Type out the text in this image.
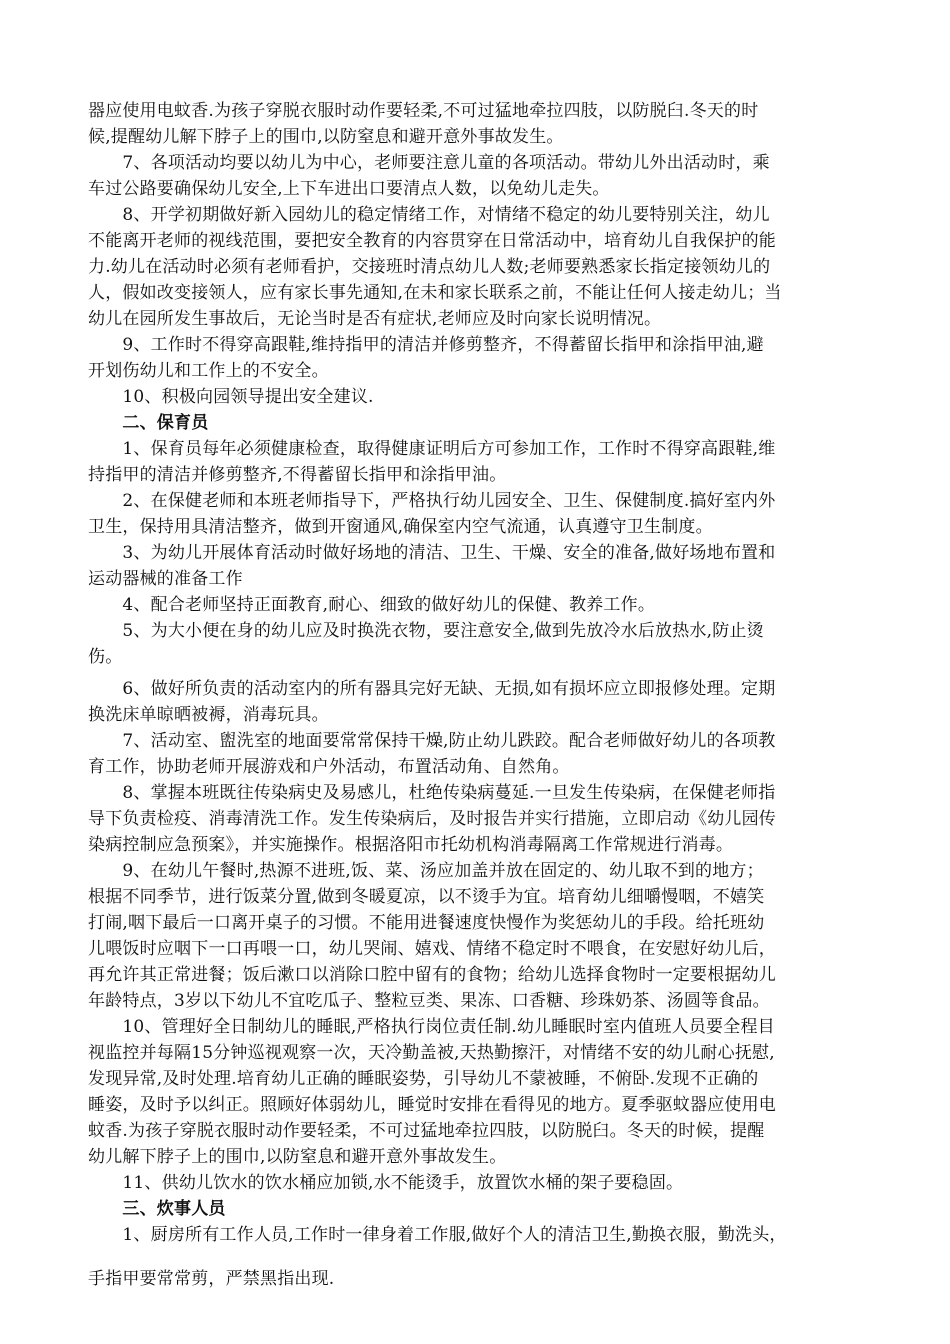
器应使用电蚊香.为孩子穿脱衣服时动作要轻柔,不可过猛地牵拉四肢，以防脱臼.冬天的时
候,提醒幼儿解下脖子上的围巾,以防窒息和避开意外事故发生。
　　7、各项活动均要以幼儿为中心，老师要注意儿童的各项活动。带幼儿外出活动时，乘
车过公路要确保幼儿安全,上下车进出口要清点人数，以免幼儿走失。
　　8、开学初期做好新入园幼儿的稳定情绪工作，对情绪不稳定的幼儿要特别关注，幼儿
不能离开老师的视线范围，要把安全教育的内容贯穿在日常活动中，培育幼儿自我保护的能
力.幼儿在活动时必须有老师看护，交接班时清点幼儿人数;老师要熟悉家长指定接领幼儿的
人，假如改变接领人，应有家长事先通知,在未和家长联系之前，不能让任何人接走幼儿；当
幼儿在园所发生事故后，无论当时是否有症状,老师应及时向家长说明情况。
　　9、工作时不得穿高跟鞋,维持指甲的清洁并修剪整齐，不得蓄留长指甲和涂指甲油,避
开划伤幼儿和工作上的不安全。
　　10、积极向园领导提出安全建议.
　　二、保育员
　　1、保育员每年必须健康检查，取得健康证明后方可参加工作，工作时不得穿高跟鞋,维
持指甲的清洁并修剪整齐,不得蓄留长指甲和涂指甲油。
　　2、在保健老师和本班老师指导下，严格执行幼儿园安全、卫生、保健制度.搞好室内外
卫生，保持用具清洁整齐，做到开窗通风,确保室内空气流通，认真遵守卫生制度。
　　3、为幼儿开展体育活动时做好场地的清洁、卫生、干燥、安全的准备,做好场地布置和
运动器械的准备工作
　　4、配合老师坚持正面教育,耐心、细致的做好幼儿的保健、教养工作。
　　5、为大小便在身的幼儿应及时换洗衣物，要注意安全,做到先放冷水后放热水,防止烫
伤。
　　6、做好所负责的活动室内的所有器具完好无缺、无损,如有损坏应立即报修处理。定期
换洗床单晾晒被褥，消毒玩具。
　　7、活动室、盥洗室的地面要常常保持干燥,防止幼儿跌跤。配合老师做好幼儿的各项教
育工作，协助老师开展游戏和户外活动，布置活动角、自然角。
　　8、掌握本班既往传染病史及易感儿，杜绝传染病蔓延.一旦发生传染病，在保健老师指
导下负责检疫、消毒清洗工作。发生传染病后，及时报告并实行措施，立即启动《幼儿园传
染病控制应急预案》，并实施操作。根据洛阳市托幼机构消毒隔离工作常规进行消毒。
　　9、在幼儿午餐时,热源不进班,饭、菜、汤应加盖并放在固定的、幼儿取不到的地方；
根据不同季节，进行饭菜分置,做到冬暖夏凉，以不烫手为宜。培育幼儿细嚼慢咽，不嬉笑
打闹,咽下最后一口离开桌子的习惯。不能用进餐速度快慢作为奖惩幼儿的手段。给托班幼
儿喂饭时应咽下一口再喂一口，幼儿哭闹、嬉戏、情绪不稳定时不喂食，在安慰好幼儿后，
再允许其正常进餐；饭后漱口以消除口腔中留有的食物；给幼儿选择食物时一定要根据幼儿
年龄特点，3岁以下幼儿不宜吃瓜子、整粒豆类、果冻、口香糖、珍珠奶茶、汤圆等食品。
　　10、管理好全日制幼儿的睡眠,严格执行岗位责任制.幼儿睡眠时室内值班人员要全程目
视监控并每隔15分钟巡视观察一次，天冷勤盖被,天热勤擦汗，对情绪不安的幼儿耐心抚慰,
发现异常,及时处理.培育幼儿正确的睡眠姿势，引导幼儿不蒙被睡，不俯卧.发现不正确的
睡姿，及时予以纠正。照顾好体弱幼儿，睡觉时安排在看得见的地方。夏季驱蚊器应使用电
蚊香.为孩子穿脱衣服时动作要轻柔，不可过猛地牵拉四肢，以防脱臼。冬天的时候，提醒
幼儿解下脖子上的围巾,以防窒息和避开意外事故发生。
　　11、供幼儿饮水的饮水桶应加锁,水不能烫手，放置饮水桶的架子要稳固。
　　三、炊事人员
　　1、厨房所有工作人员,工作时一律身着工作服,做好个人的清洁卫生,勤换衣服，勤洗头，
手指甲要常常剪，严禁黑指出现.
